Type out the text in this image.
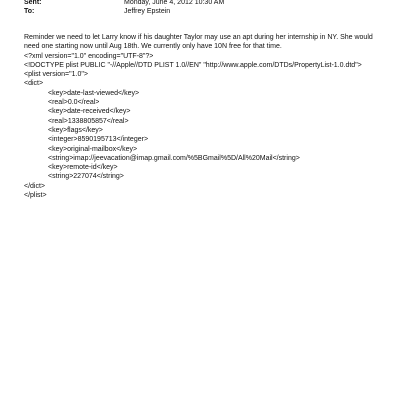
Sent:	Monday, June 4, 2012 10:30 AM
To:	Jeffrey Epstein
Reminder we need to let Larry know if his daughter Taylor may use an apt during her internship in NY. She would need one starting now until Aug 18th. We currently only have 10N free for that time.
<?xml version="1.0" encoding="UTF-8"?>
<!DOCTYPE plist PUBLIC "-//Apple//DTD PLIST 1.0//EN" "http://www.apple.com/DTDs/PropertyList-1.0.dtd">
<plist version="1.0">
<dict>
<key>date-last-viewed</key>
<real>0.0</real>
<key>date-received</key>
<real>1338805857</real>
<key>flags</key>
<integer>8590195713</integer>
<key>original-mailbox</key>
<string>imap://jeevacation@imap.gmail.com/%5BGmail%5D/All%20Mail</string>
<key>remote-id</key>
<string>227074</string>
</dict>
</plist>
